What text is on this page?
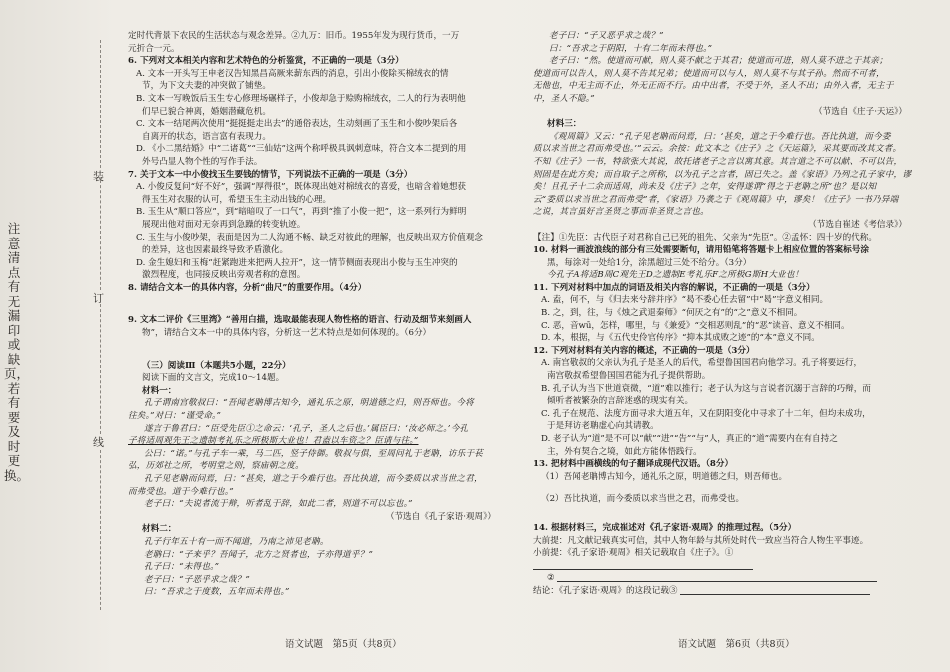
注意清点有无漏印或缺页，若有要及时更换。
装
订
线
定时代背景下农民的生活状态与观念差异。②九万：旧币。1955年发为现行货币，一万
元折合一元。
6. 下列对文本相关内容和艺术特色的分析鉴赏，不正确的一项是（3分）
A. 文本一开头写王申老汉告知黑昌高厥来薪东西的消息，引出小俊除买棉绒衣的情
节，为下文夫妻的冲突做了铺垫。
B. 文本一写晚饭后玉生专心修理场碾样子，小俊却急于赊购棉绒衣，二人的行为表明他
们早已貌合神离，婚姻潜藏危机。
C. 文本一结尾两次使用“挺挺挺走出去”的通俗表达，生动刻画了玉生和小俊吵架后各
自离开的状态，语言富有表现力。
D. 《小二黑结婚》中“二诸葛”“三仙姑”这两个称呼极具讽刺意味，符合文本二提到的用
外号凸显人物个性的写作手法。
7. 关于文本一中小俊找玉生要钱的情节，下列说法不正确的一项是（3分）
A. 小俊反复问“好不好”，强调“厚得很”，既体现出她对棉绒衣的喜爱，也暗含着她想获
得玉生对衣服的认可，希望玉生主动出钱的心理。
B. 玉生从“顺口答应”，到“暗暗叹了一口气”，再到“推了小俊一把”，这一系列行为鲜明
展现出他对面对无奈再到急躁的转变轨迹。
C. 玉生与小俊吵架，表面是因为二人沟通不畅、缺乏对彼此的理解，也反映出双方价值观念
的差异，这也因素最终导致矛盾激化。
D. 金生媳妇和玉梅“赶紧跑进来把两人拉开”，这一情节侧面表现出小俊与玉生冲突的
激烈程度，也同接反映出旁观者称的意图。
8. 请结合文本一的具体内容，分析“曲尺”的重要作用。（4分）
9. 文本二评价《三里湾》“善用白描，选取最能表现人物性格的语言、行动及细节来刻画人
物”，请结合文本一中的具体内容，分析这一艺术特点是如何体现的。（6分）
（三）阅读Ⅲ（本题共5小题，22分）
阅读下面的文言文，完成10～14题。
材料一：
孔子谓南宫敬叔曰：“吾闻老聃博古知今，通礼乐之原，明道德之归，则吾师也。今将
往矣。”对曰：“谨受命。”
遂言于鲁君曰：“臣受先臣①之命云：‘孔子，圣人之后也。’属臣曰：‘汝必师之。’今孔
子将适周观先王之遗制考礼乐之所极斯大业也！君盍以车资之？臣请与往。”
公曰：“诺。”与孔子车一乘，马二匹，竖子侍御。敬叔与俱，至周问礼于老聃，访乐于苌
弘，历郊社之所，考明堂之则，察庙朝之度。
孔子见老聃而问焉，曰：“甚矣，道之于今难行也。吾比执道，而今委质以求当世之君，
而弗受也。道于今难行也。”
老子曰：“夫说者流于辩，听者乱于辞，如此二者，则道不可以忘也。”
（节选自《孔子家语·观周》）
材料二：
孔子行年五十有一而不闻道，乃南之沛见老聃。
老聃曰：“子来乎？吾闻子，北方之贤者也，子亦得道乎？”
孔子曰：“未得也。”
老子曰：“子恶乎求之哉？”
曰：“吾求之于度数，五年而未得也。”
语文试题　第5页（共8页）
老子曰：“子又恶乎求之哉？”
曰：“吾求之于阴阳，十有二年而未得也。”
老子曰：“然。使道而可献，则人莫不献之于其君；使道而可进，则人莫不进之于其亲；
使道而可以告人，则人莫不告其兄弟；使道而可以与人，则人莫不与其子孙。然而不可者，
无他也，中无主而不止，外无正而不行。由中出者，不受于外，圣人不出；由外入者，无主于
中，圣人不隐。”
（节选自《庄子·天运》）
材料三：
《观周篇》又云：“孔子见老聃而问焉，曰：‘甚矣，道之于今难行也。吾比执道，而今委
质以求当世之君而弗受也。’”云云。余按：此文本之《庄子》之《天运篇》，采其要而改其文者。
不知《庄子》一书，特欲张大其说，故托诸老子之言以寓其意。其言道之不可以献、不可以告，
则固是在此方矣；而自取子之所称，以为孔子之言者，固已失之。盖《家语》乃列之孔子家中，谬
矣！且孔子十二余而适周，尚未及《庄子》之年，安得遂谓“得之于老聃之所”也？是以知
云“委质以求当世之君而弗受”者，《家语》乃袭之于《观周篇》中，谬矣！《庄子》一书乃异端
之说，其言虽好言圣贤之事而非圣贤之言也。
（节选自崔述《考信录》）
【注】①先臣：古代臣子对君称自己已死的祖先、父亲为“先臣”。②孟怀：四十岁的代称。
10. 材料一画波浪线的部分有三处需要断句，请用铅笔将答题卡上相应位置的答案标号涂
黑，每涂对一处给1分，涂黑超过三处不给分。（3分）
今孔子A将适B周C观先王D之遗制E考礼乐F之所极G斯H大业也！
11. 下列对材料中加点的词语及相关内容的解说，不正确的一项是（3分）
A. 盍，何不，与《归去来兮辞并序》“曷不委心任去留”中“曷”字意义相同。
B. 之，到，往，与《烛之武退秦师》“何厌之有”的“之”意义不相同。
C. 恶，音wū，怎样，哪里，与《兼爱》“交相恶则乱”的“恶”读音、意义不相同。
D. 本，根据，与《五代史伶官传序》“抑本其成败之迹”的“本”意义不同。
12. 下列对材料有关内容的概述，不正确的一项是（3分）
A. 南宫敬叔的父亲认为孔子是圣人的后代，希望鲁国国君向他学习。孔子将要远行，
南宫敬叔希望鲁国国君能为孔子提供帮助。
B. 孔子认为当下世道衰微，“道”难以推行；老子认为这与言说者沉溺于言辞的巧辩，而
倾听者被繁杂的言辞迷惑的现实有关。
C. 孔子在规范、法度方面寻求大道五年，又在阴阳变化中寻求了十二年，但均未成功，
于是拜访老聃虚心向其请教。
D. 老子认为“道”是不可以“献”“进”“告”“与”人，真正的“道”需要内在有自持之
主，外有契合之境，如此方能体悟践行。
13. 把材料中画横线的句子翻译成现代汉语。（8分）
（1）吾闻老聃博古知今，通礼乐之原，明道德之归，则吾师也。
（2）吾比执道，而今委质以求当世之君，而弗受也。
14. 根据材料三，完成崔述对《孔子家语·观周》的推理过程。（5分）
大前提：凡文献记载真实可信，其中人物年龄与其所处时代一致应当符合人物生平事迹。
小前提：《孔子家语·观周》相关记载取自《庄子》。①
②
结论：《孔子家语·观周》的这段记载③
语文试题　第6页（共8页）
